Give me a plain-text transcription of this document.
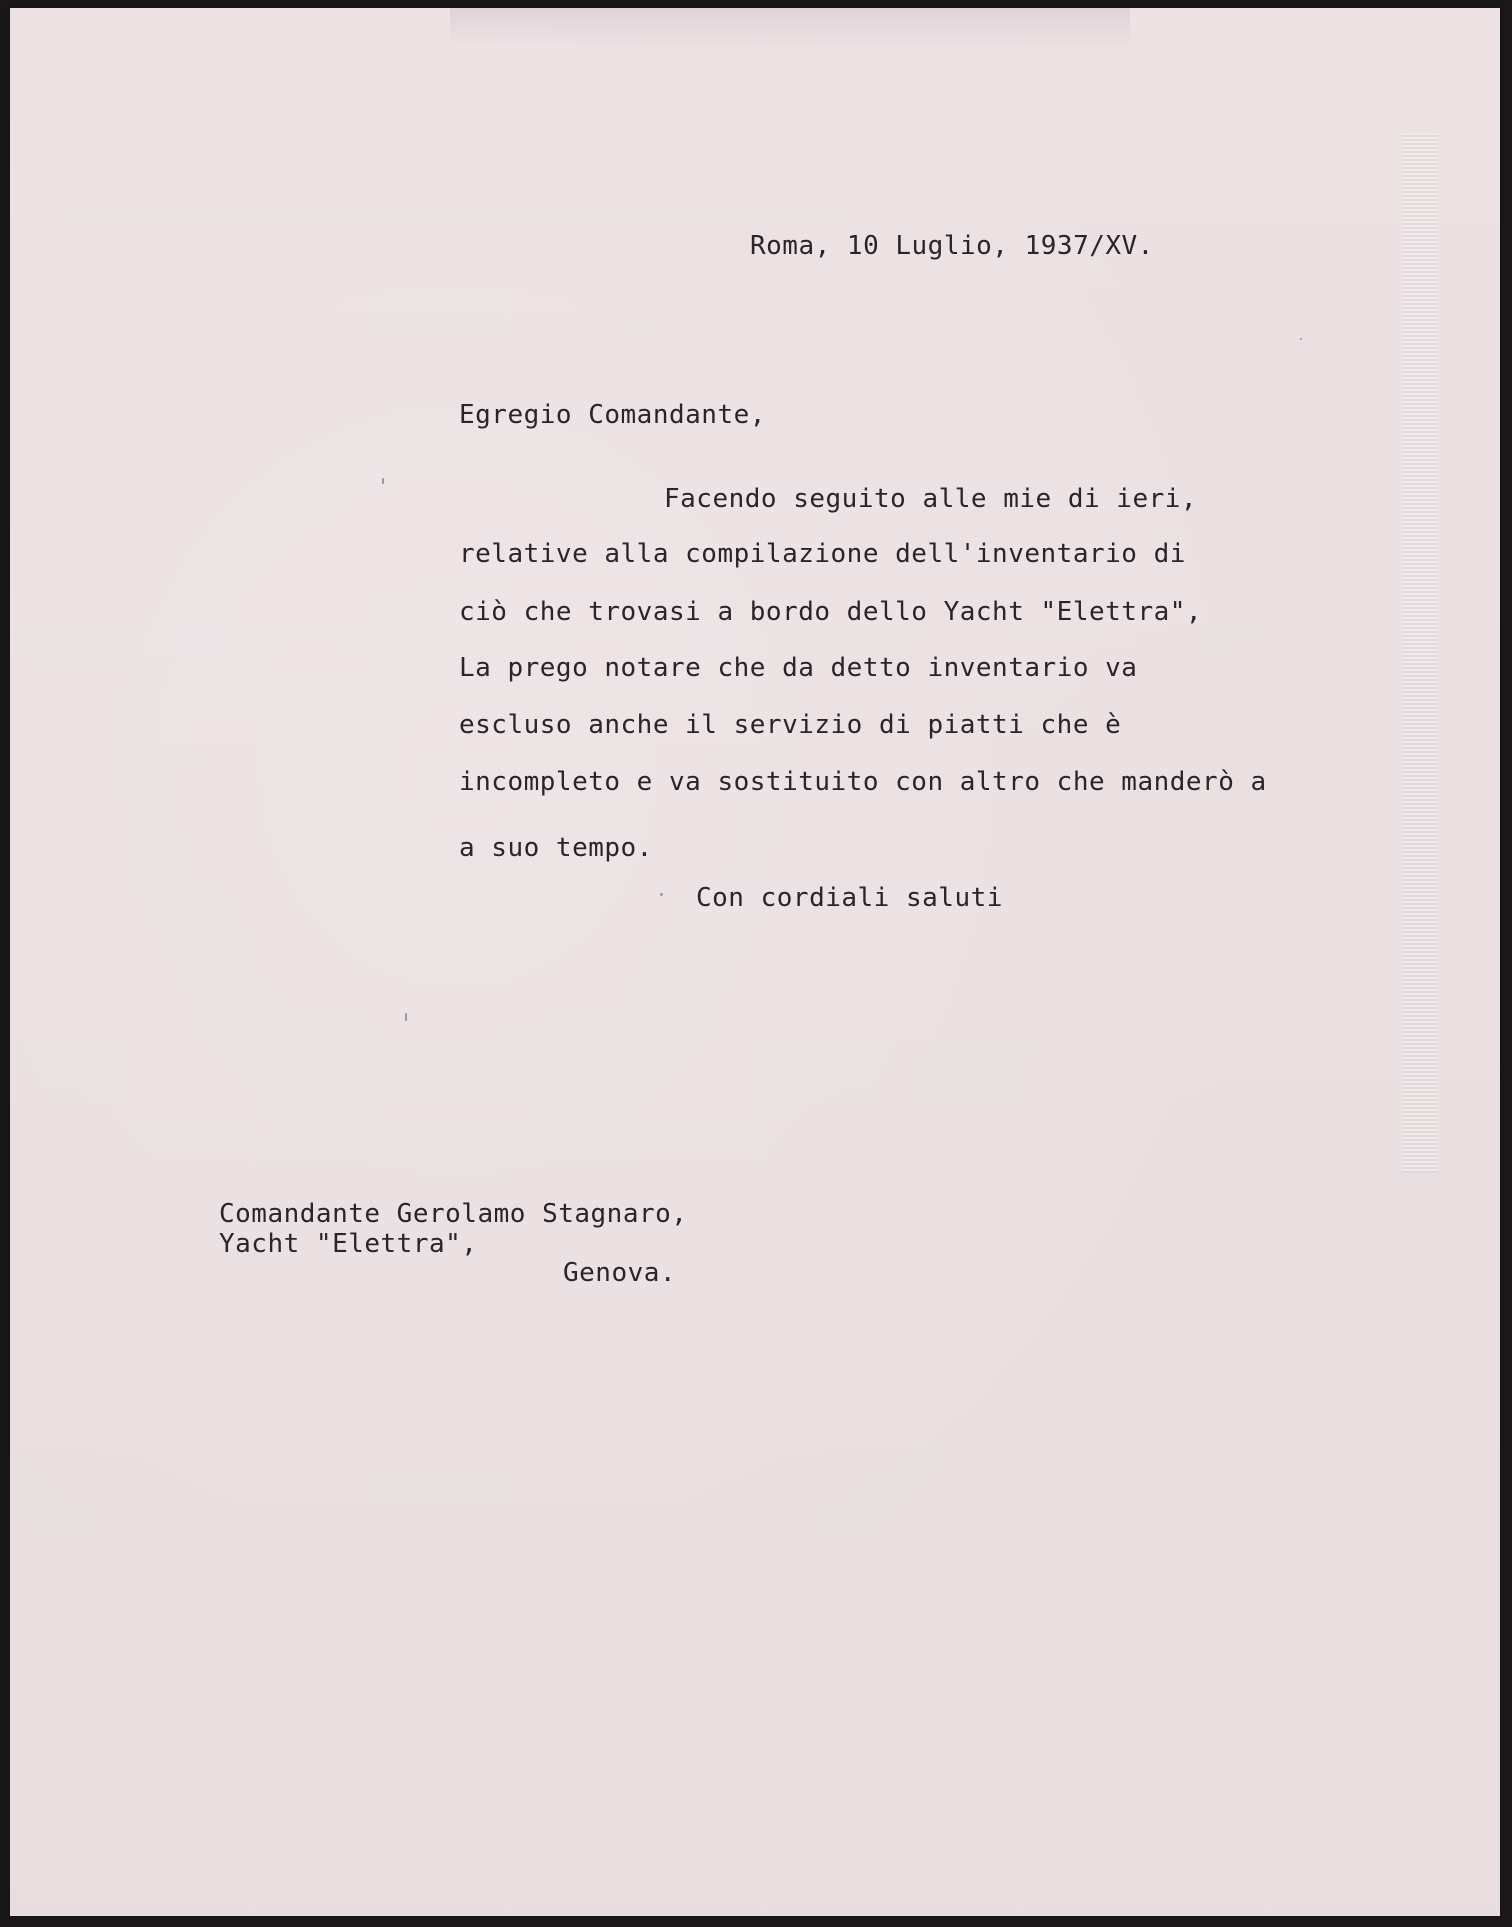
Roma, 10 Luglio, 1937/XV.
Egregio Comandante,
Facendo seguito alle mie di ieri,
relative alla compilazione dell'inventario di
ciò che trovasi a bordo dello Yacht "Elettra",
La prego notare che da detto inventario va
escluso anche il servizio di piatti che è
incompleto e va sostituito con altro che manderò a
a suo tempo.
Con cordiali saluti
Comandante Gerolamo Stagnaro,
Yacht "Elettra",
Genova.
